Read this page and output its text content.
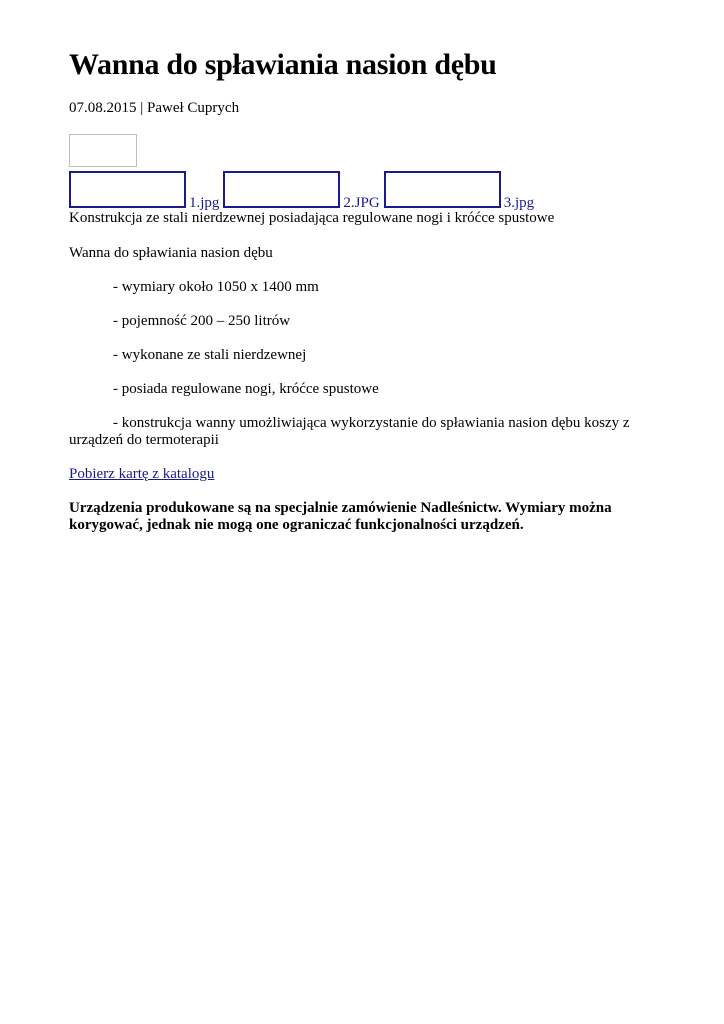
Wanna do spławiania nasion dębu
07.08.2015 | Paweł Cuprych
1.jpg	2.JPG	3.jpg
Konstrukcja ze stali nierdzewnej posiadająca regulowane nogi i króćce spustowe
Wanna do spławiania nasion dębu
- wymiary około 1050 x 1400 mm
- pojemność 200 – 250 litrów
- wykonane ze stali nierdzewnej
- posiada regulowane nogi, króćce spustowe
- konstrukcja wanny umożliwiająca wykorzystanie do spławiania nasion dębu koszy z urządzeń do termoterapii
Pobierz kartę z katalogu
Urządzenia produkowane są na specjalnie zamówienie Nadleśnictw. Wymiary można korygować, jednak nie mogą one ograniczać funkcjonalności urządzeń.
